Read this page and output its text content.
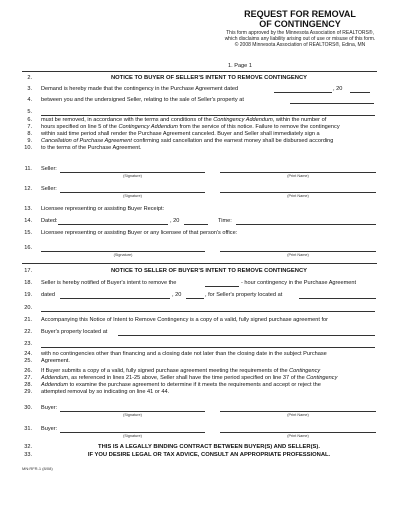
REQUEST FOR REMOVAL
OF CONTINGENCY
This form approved by the Minnesota Association of REALTORS®,
which disclaims any liability arising out of use or misuse of this form.
© 2008 Minnesota Association of REALTORS®, Edina, MN
1. Page 1
2.	NOTICE TO BUYER OF SELLER'S INTENT TO REMOVE CONTINGENCY
3. Demand is hereby made that the contingency in the Purchase Agreement dated	, 20
4. between you and the undersigned Seller, relating to the sale of Seller's property at
5.
6. must be removed, in accordance with the terms and conditions of the Contingency Addendum, within the number of
7. hours specified on line 5 of the Contingency Addendum from the service of this notice. Failure to remove the contingency
8. within said time period shall render the Purchase Agreement canceled. Buyer and Seller shall immediately sign a
9. Cancellation of Purchase Agreement confirming said cancellation and the earnest money shall be disbursed according
10. to the terms of the Purchase Agreement.
11. Seller:
(Signature)	(Print Name)
12. Seller:
(Signature)	(Print Name)
13. Licensee representing or assisting Buyer Receipt:
14. Dated:	, 20	Time:
15. Licensee representing or assisting Buyer or any licensee of that person's office:
16.
(Signature)	(Print Name)
17.	NOTICE TO SELLER OF BUYER'S INTENT TO REMOVE CONTINGENCY
18. Seller is hereby notified of Buyer's intent to remove the	- hour contingency in the Purchase Agreement
19. dated	, 20	, for Seller's property located at
20.
21. Accompanying this Notice of Intent to Remove Contingency is a copy of a valid, fully signed purchase agreement for
22. Buyer's property located at
23.
24. with no contingencies other than financing and a closing date not later than the closing date in the subject Purchase
25. Agreement.
26. If Buyer submits a copy of a valid, fully signed purchase agreement meeting the requirements of the Contingency
27. Addendum, as referenced in lines 21-25 above, Seller shall have the time period specified on line 37 of the Contingency
28. Addendum to examine the purchase agreement to determine if it meets the requirements and accept or reject the
29. attempted removal by so indicating on line 41 or 44.
30. Buyer:
(Signature)	(Print Name)
31. Buyer:
(Signature)	(Print Name)
32.	THIS IS A LEGALLY BINDING CONTRACT BETWEEN BUYER(S) AND SELLER(S).
33.	IF YOU DESIRE LEGAL OR TAX ADVICE, CONSULT AN APPROPRIATE PROFESSIONAL.
MN:RFR-1 (8/08)
